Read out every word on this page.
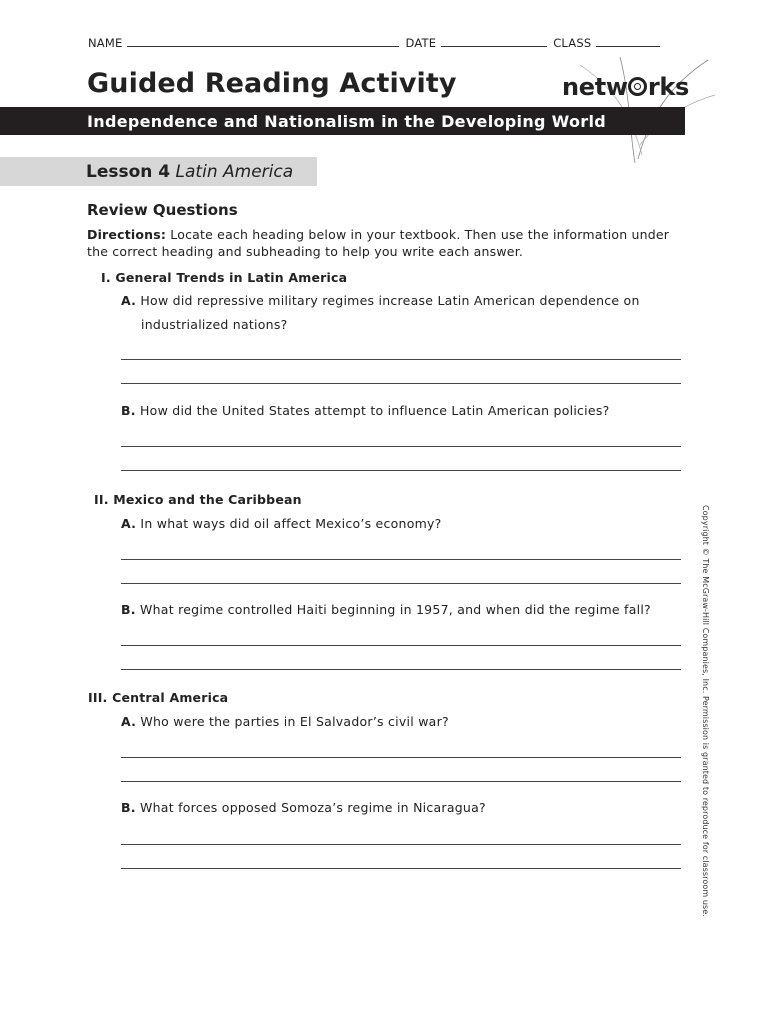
NAME	DATE	CLASS
Guided Reading Activity	netw rks
Independence and Nationalism in the Developing World
Lesson 4 Latin America
Review Questions
Directions: Locate each heading below in your textbook. Then use the information under the correct heading and subheading to help you write each answer.
I. General Trends in Latin America
A. How did repressive military regimes increase Latin American dependence on
industrialized nations?
B. How did the United States attempt to influence Latin American policies?
II. Mexico and the Caribbean
A. In what ways did oil affect Mexico’s economy?
B. What regime controlled Haiti beginning in 1957, and when did the regime fall?
III. Central America
A. Who were the parties in El Salvador’s civil war?
B. What forces opposed Somoza’s regime in Nicaragua?	Copyright © The McGraw-Hill Companies, Inc. Permission is granted to reproduce for classroom use.
